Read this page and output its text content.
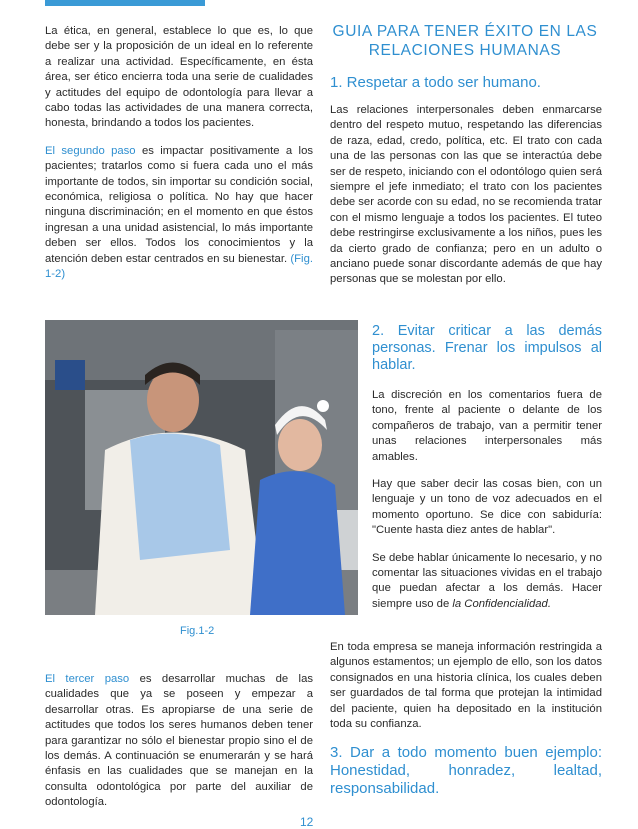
La ética, en general, establece lo que es, lo que debe ser y la proposición de un ideal en lo referente a realizar una actividad. Específicamente, en ésta área, ser ético encierra toda una serie de cualidades y actitudes del equipo de odontología para llevar a cabo todas las actividades de una manera correcta, honesta, brindando a todos los pacientes.

El segundo paso es impactar positivamente a los pacientes; tratarlos como si fuera cada uno el más importante de todos, sin importar su condición social, económica, religiosa o política. No hay que hacer ninguna discriminación; en el momento en que éstos ingresan a una unidad asistencial, lo más importante deben ser ellos. Todos los conocimientos y la atención deben estar centrados en su bienestar. (Fig. 1-2)

Fig.1-2

El tercer paso es desarrollar muchas de las cualidades que ya se poseen y empezar a desarrollar otras. Es apropiarse de una serie de actitudes que todos los seres humanos deben tener para garantizar no sólo el bienestar propio sino el de los demás. A continuación se enumerarán y se hará énfasis en las cualidades que se manejan en la consulta odontológica por parte del auxiliar de odontología.

GUIA PARA TENER ÉXITO EN LAS RELACIONES HUMANAS
1. Respetar a todo ser humano.

Las relaciones interpersonales deben enmarcarse dentro del respeto mutuo, respetando las diferencias de raza, edad, credo, política, etc. El trato con cada una de las personas con las que se interactúa debe ser de respeto, iniciando con el odontólogo quien será siempre el jefe inmediato; el trato con los pacientes debe ser acorde con su edad, no se recomienda tratar con el mismo lenguaje a todos los pacientes. El tuteo debe restringirse exclusivamente a los niños, pues les da cierto grado de confianza; pero en un adulto o anciano puede sonar discordante además de que hay personas que se molestan por ello.

2. Evitar criticar a las demás personas. Frenar los impulsos al hablar.

La discreción en los comentarios fuera de tono, frente al paciente o delante de los compañeros de trabajo, van a permitir tener unas relaciones interpersonales más amables.

Hay que saber decir las cosas bien, con un lenguaje y un tono de voz adecuados en el momento oportuno. Se dice con sabiduría: "Cuente hasta diez antes de hablar".

Se debe hablar únicamente lo necesario, y no comentar las situaciones vividas en el trabajo que puedan afectar a los demás. Hacer siempre uso de la Confidencialidad.

En toda empresa se maneja información restringida a algunos estamentos; un ejemplo de ello, son los datos consignados en una historia clínica, los cuales deben ser guardados de tal forma que protejan la intimidad del paciente, quien ha depositado en la institución toda su confianza.

3. Dar a todo momento buen ejemplo: Honestidad, honradez, lealtad, responsabilidad.
12
